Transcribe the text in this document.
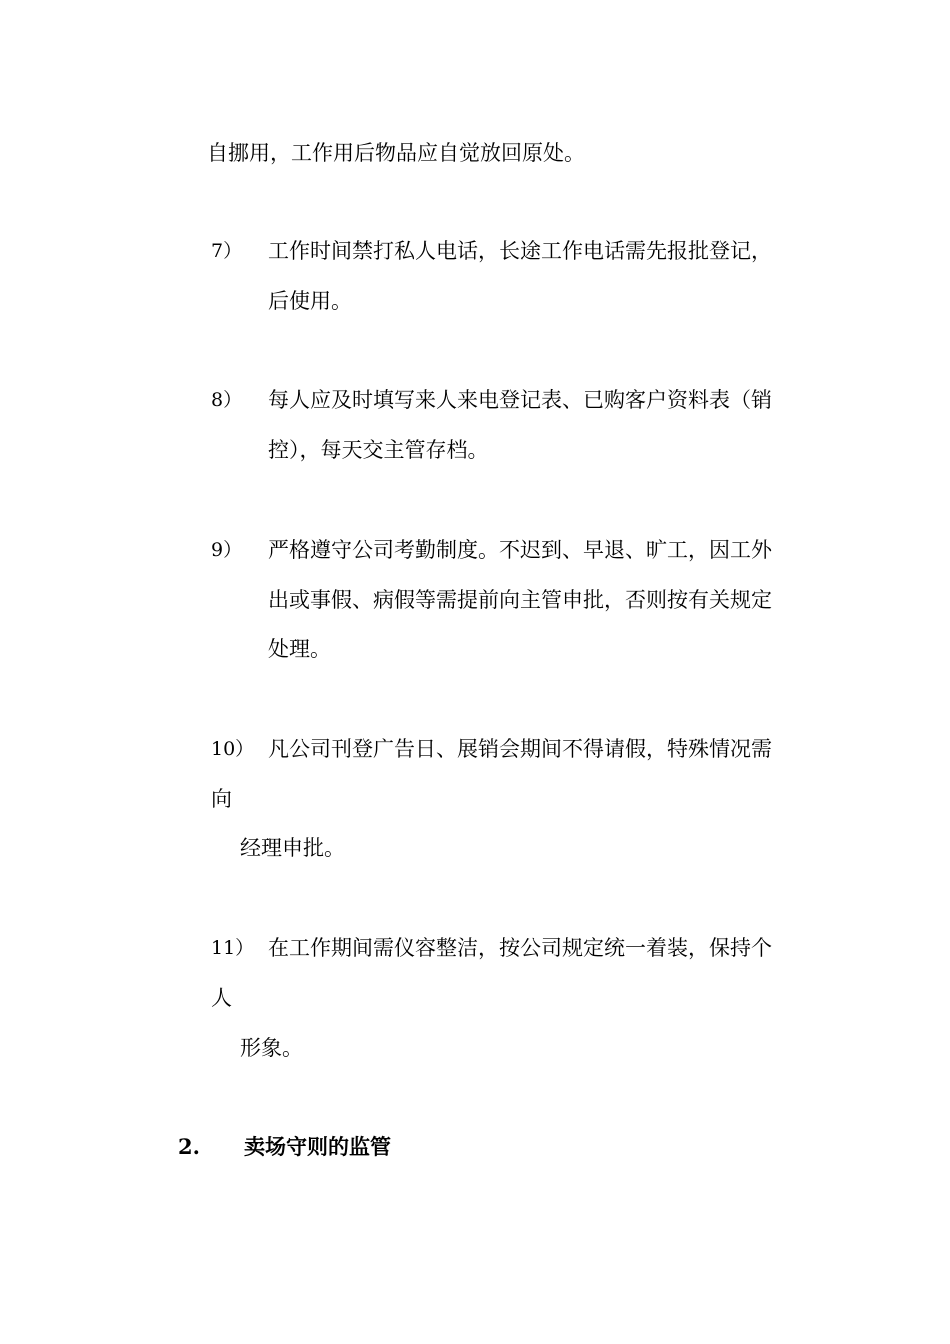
自挪用，工作用后物品应自觉放回原处。
7） 工作时间禁打私人电话，长途工作电话需先报批登记，
后使用。
8） 每人应及时填写来人来电登记表、已购客户资料表（销
控），每天交主管存档。
9） 严格遵守公司考勤制度。不迟到、早退、旷工，因工外
出或事假、病假等需提前向主管申批，否则按有关规定
处理。
10） 凡公司刊登广告日、展销会期间不得请假，特殊情况需
向
经理申批。
11） 在工作期间需仪容整洁，按公司规定统一着装，保持个
人
形象。
2. 卖场守则的监管
